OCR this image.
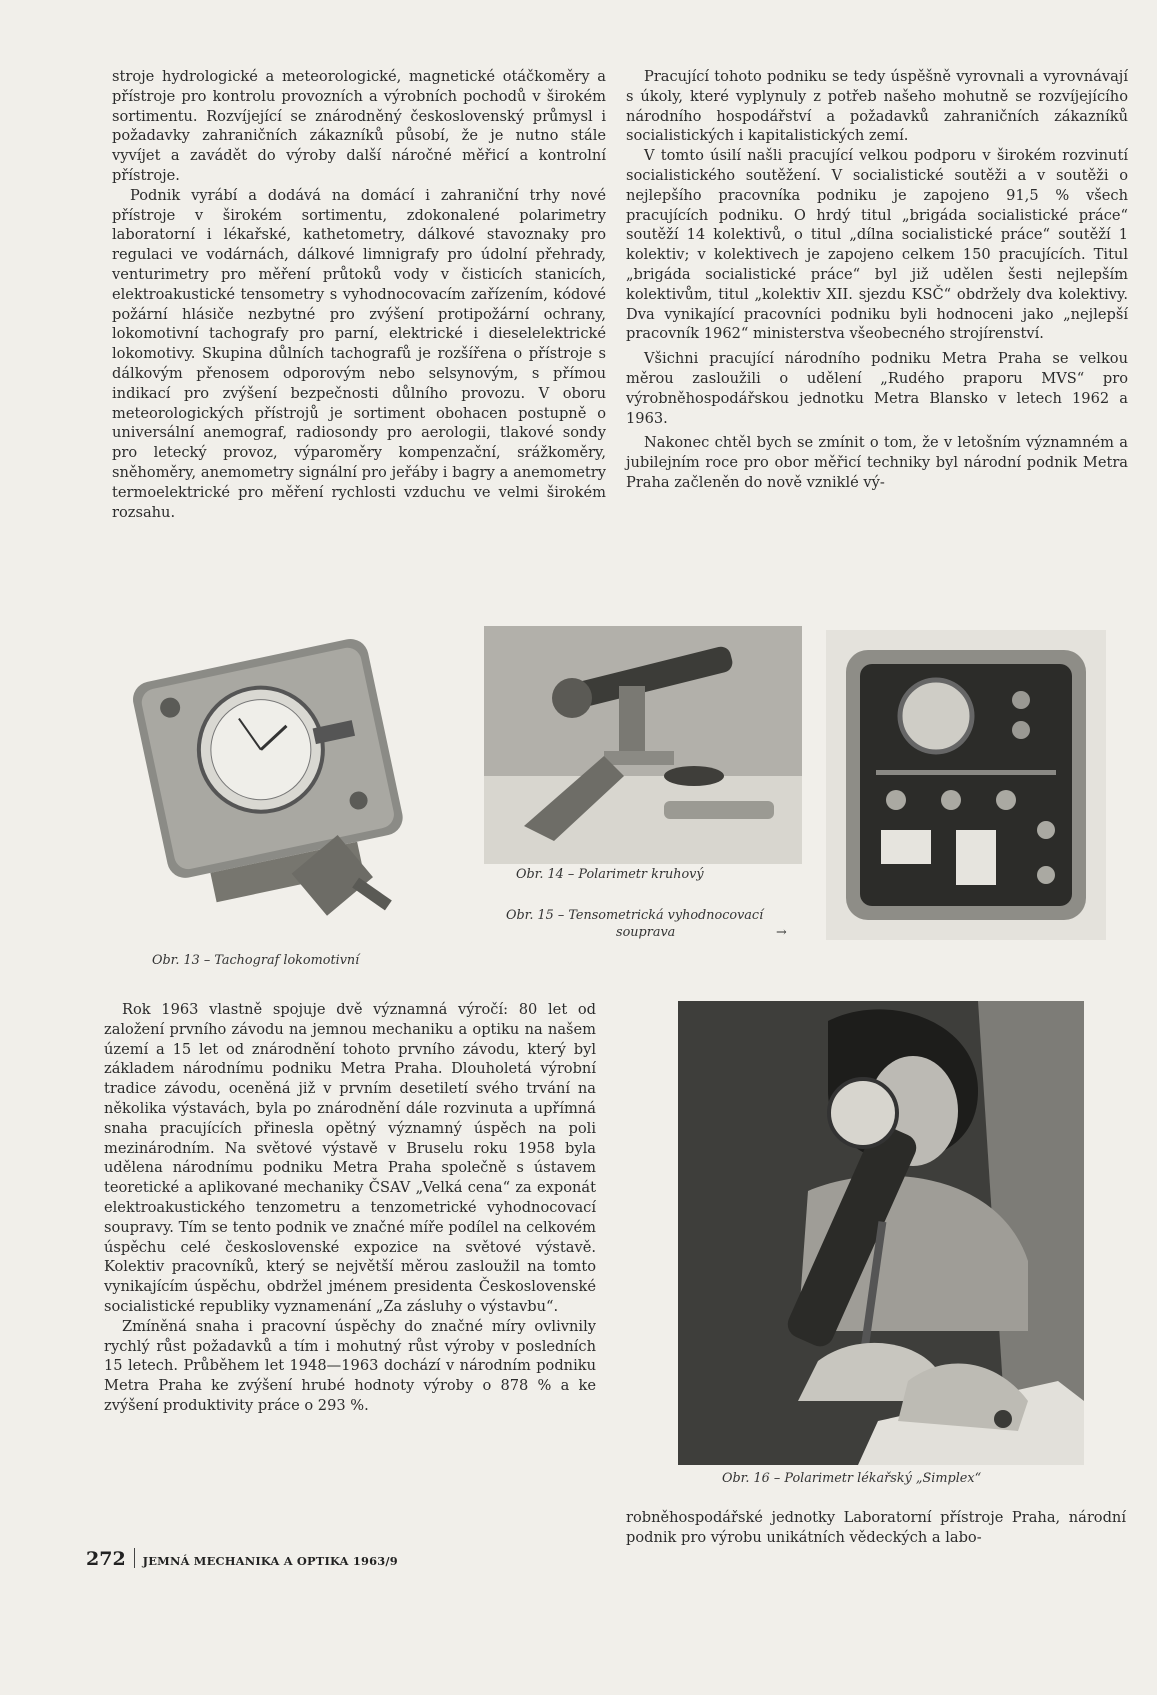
strojе hydrologické a meteorologické, magnetické otáčkoměry a přístroje pro kontrolu provozních a výrobních pochodů v širokém sortimentu. Rozvíjející se znárodněný československý průmysl i požadavky zahraničních zákazníků působí, že je nutno stále vyvíjet a zavádět do výroby další náročné měřicí a kontrolní přístroje.

Podnik vyrábí a dodává na domácí i zahraniční trhy nové přístroje v širokém sortimentu, zdokonalené polarimetry laboratorní i lékařské, kathetometry, dálkové stavoznaky pro regulaci ve vodárnách, dálkové limnigrafy pro údolní přehrady, venturimetry pro měření průtoků vody v čisticích stanicích, elektroakustické tensometry s vyhodnocovacím zařízením, kódové požární hlásiče nezbytné pro zvýšení protipožární ochrany, lokomotivní tachografy pro parní, elektrické i dieselelektrické lokomotivy. Skupina důlních tachografů je rozšířena o přístroje s dálkovým přenosem odporovým nebo selsynovým, s přímou indikací pro zvýšení bezpečnosti důlního provozu. V oboru meteorologických přístrojů je sortiment obohacen postupně o universální anemograf, radiosondy pro aerologii, tlakové sondy pro letecký provoz, výparoměry kompenzační, srážkoměry, sněhoměry, anemometry signální pro jeřáby i bagry a anemometry termoelektrické pro měření rychlosti vzduchu ve velmi širokém rozsahu.

Pracující tohoto podniku se tedy úspěšně vyrovnali a vyrovnávají s úkoly, které vyplynuly z potřeb našeho mohutně se rozvíjejícího národního hospodářství a požadavků zahraničních zákazníků socialistických i kapitalistických zemí.

V tomto úsilí našli pracující velkou podporu v širokém rozvinutí socialistického soutěžení. V socialistické soutěži a v soutěži o nejlepšího pracovníka podniku je zapojeno 91,5 % všech pracujících podniku. O hrdý titul „brigáda socialistické práce“ soutěží 14 kolektivů, o titul „dílna socialistické práce“ soutěží 1 kolektiv; v kolektivech je zapojeno celkem 150 pracujících. Titul „brigáda socialistické práce“ byl již udělen šesti nejlepším kolektivům, titul „kolektiv XII. sjezdu KSČ“ obdržely dva kolektivy. Dva vynikající pracovníci podniku byli hodnoceni jako „nejlepší pracovník 1962“ ministerstva všeobecného strojírenství.

Všichni pracující národního podniku Metra Praha se velkou měrou zasloužili o udělení „Rudého praporu MVS“ pro výrobněhospodářskou jednotku Metra Blansko v letech 1962 a 1963.

Nakonec chtěl bych se zmínit o tom, že v letošním významném a jubilejním roce pro obor měřicí techniky byl národní podnik Metra Praha začleněn do nově vzniklé vý-

Obr. 14 – Polarimetr kruhový
Obr. 15 – Tensometrická vyhodnocovací
souprava	→
Obr. 13 – Tachograf lokomotivní

Rok 1963 vlastně spojuje dvě významná výročí: 80 let od založení prvního závodu na jemnou mechaniku a optiku na našem území a 15 let od znárodnění tohoto prvního závodu, který byl základem národnímu podniku Metra Praha. Dlouholetá výrobní tradice závodu, oceněná již v prvním desetiletí svého trvání na několika výstavách, byla po znárodnění dále rozvinuta a upřímná snaha pracujících přinesla opětný významný úspěch na poli mezinárodním. Na světové výstavě v Bruselu roku 1958 byla udělena národnímu podniku Metra Praha společně s ústavem teoretické a aplikované mechaniky ČSAV „Velká cena“ za exponát elektroakustického tenzometru a tenzometrické vyhodnocovací soupravy. Tím se tento podnik ve značné míře podílel na celkovém úspěchu celé československé expozice na světové výstavě. Kolektiv pracovníků, který se největší měrou zasloužil na tomto vynikajícím úspěchu, obdržel jménem presidenta Československé socialistické republiky vyznamenání „Za zásluhy o výstavbu“.

Zmíněná snaha i pracovní úspěchy do značné míry ovlivnily rychlý růst požadavků a tím i mohutný růst výroby v posledních 15 letech. Průběhem let 1948—1963 dochází v národním podniku Metra Praha ke zvýšení hrubé hodnoty výroby o 878 % a ke zvýšení produktivity práce o 293 %.

Obr. 16 – Polarimetr lékařský „Simplex“

robněhospodářské jednotky Laboratorní přístroje Praha, národní podnik pro výrobu unikátních vědeckých a labo-

272 JEMNÁ MECHANIKA A OPTIKA 1963/9
